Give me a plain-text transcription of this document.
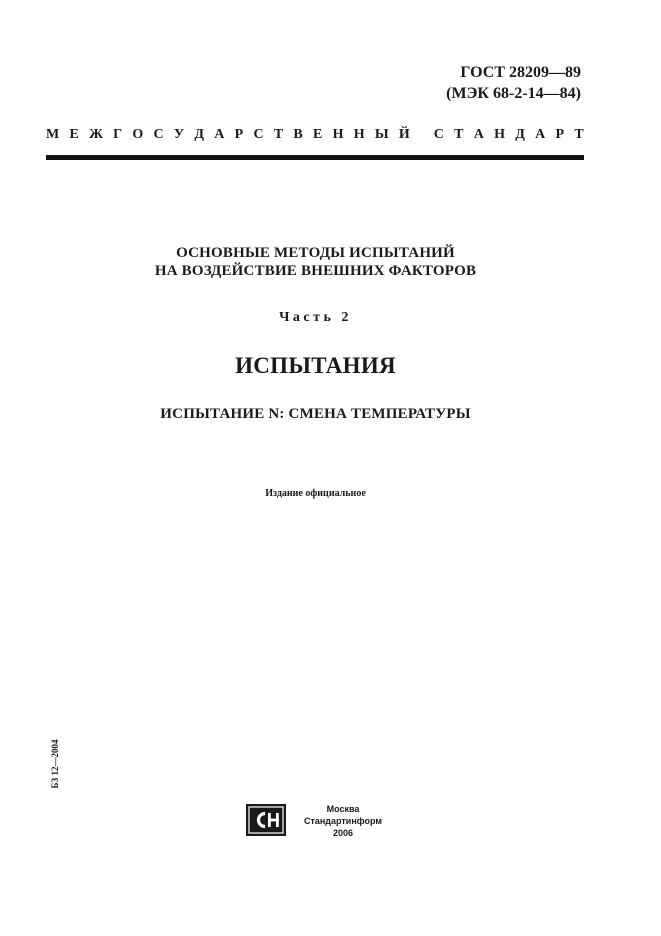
ГОСТ 28209—89
(МЭК 68-2-14—84)
М Е Ж Г О С У Д А Р С Т В Е Н Н Ы Й
С Т А Н Д А Р Т
ОСНОВНЫЕ МЕТОДЫ ИСПЫТАНИЙ
НА ВОЗДЕЙСТВИЕ ВНЕШНИХ ФАКТОРОВ
Часть 2
ИСПЫТАНИЯ
ИСПЫТАНИЕ N: СМЕНА ТЕМПЕРАТУРЫ
Издание официальное
БЗ 12—2004
Москва
Стандартинформ
2006
